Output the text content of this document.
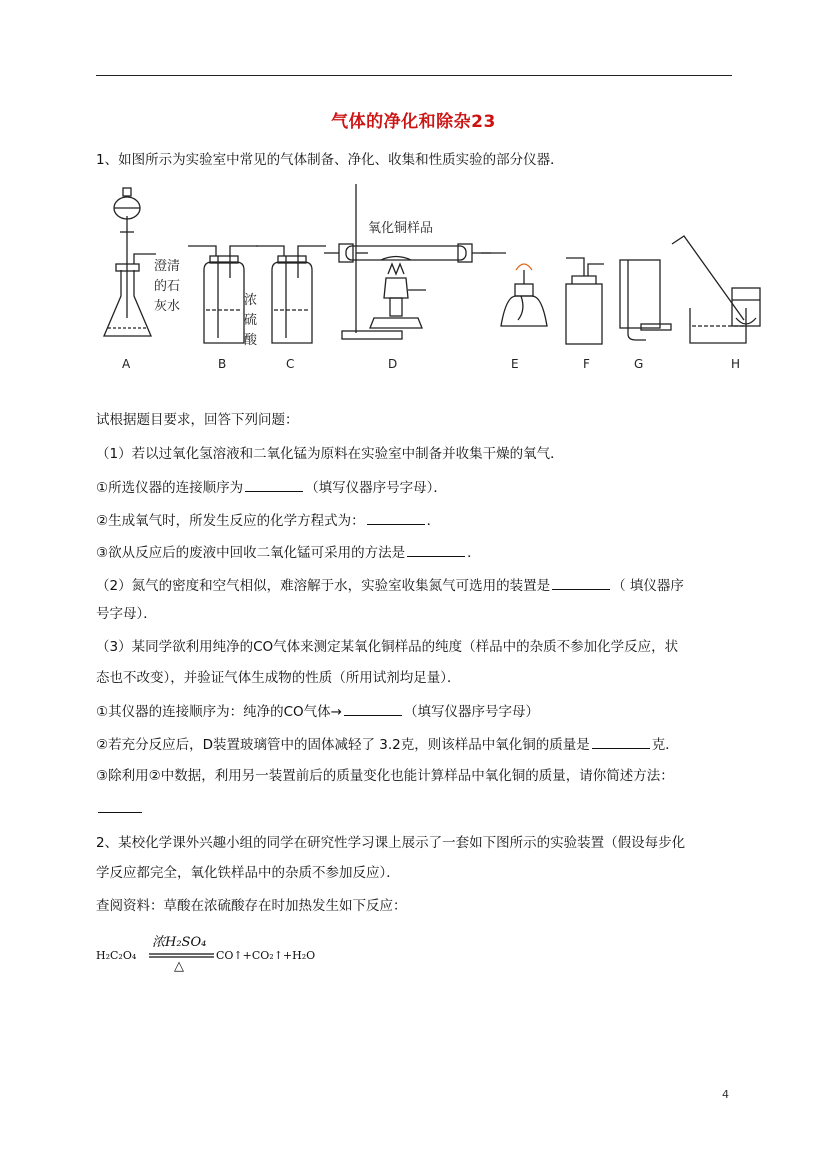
气体的净化和除杂23
1、如图所示为实验室中常见的气体制备、净化、收集和性质实验的部分仪器．
A	B	C	D	E	F	G	H
澄清
的石
灰水	浓
硫
酸
氧化铜样品
试根据题目要求，回答下列问题：
（1）若以过氧化氢溶液和二氧化锰为原料在实验室中制备并收集干燥的氧气．
①所选仪器的连接顺序为	（填写仪器序号字母）．
②生成氧气时，所发生反应的化学方程式为：	．
③欲从反应后的废液中回收二氧化锰可采用的方法是	．
（2）氮气的密度和空气相似，难溶解于水，实验室收集氮气可选用的装置是	（ 填仪器序
号字母）．
（3）某同学欲利用纯净的CO气体来测定某氧化铜样品的纯度（样品中的杂质不参加化学反应，状
态也不改变），并验证气体生成物的性质（所用试剂均足量）．
①其仪器的连接顺序为：纯净的CO气体→	（填写仪器序号字母）
②若充分反应后，D装置玻璃管中的固体减轻了 3.2克，则该样品中氧化铜的质量是	克．
③除利用②中数据，利用另一装置前后的质量变化也能计算样品中氧化铜的质量，请你简述方法：
2、某校化学课外兴趣小组的同学在研究性学习课上展示了一套如下图所示的实验装置（假设每步化
学反应都完全，氧化铁样品中的杂质不参加反应）．
查阅资料：草酸在浓硫酸存在时加热发生如下反应：
H₂C₂O₄
浓H₂SO₄
△
CO↑+CO₂↑+H₂O
4
